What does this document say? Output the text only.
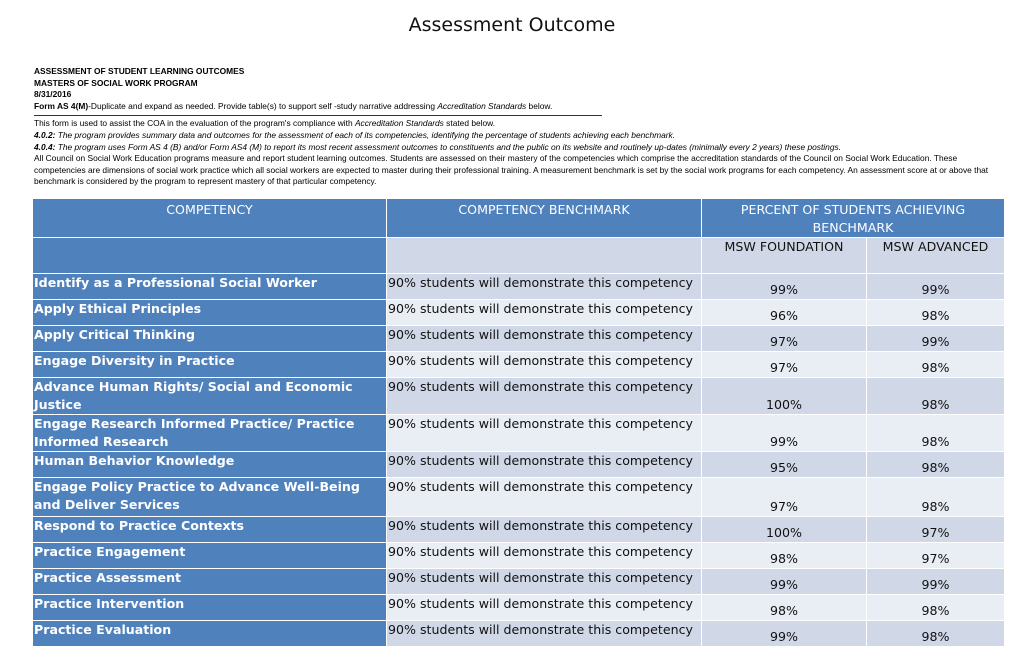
Assessment Outcome
ASSESSMENT OF STUDENT LEARNING OUTCOMES
MASTERS OF SOCIAL WORK PROGRAM
8/31/2016
Form AS 4(M)-Duplicate and expand as needed. Provide table(s) to support self -study narrative addressing Accreditation Standards below.
This form is used to assist the COA in the evaluation of the program's compliance with Accreditation Standards stated below.
4.0.2: The program provides summary data and outcomes for the assessment of each of its competencies, identifying the percentage of students achieving each benchmark.
4.0.4: The program uses Form AS 4 (B) and/or Form AS4 (M) to report its most recent assessment outcomes to constituents and the public on its website and routinely up-dates (minimally every 2 years) these postings.
All Council on Social Work Education programs measure and report student learning outcomes. Students are assessed on their mastery of the competencies which comprise the accreditation standards of the Council on Social Work Education. These competencies are dimensions of social work practice which all social workers are expected to master during their professional training. A measurement benchmark is set by the social work programs for each competency. An assessment score at or above that benchmark is considered by the program to represent mastery of that particular competency.
COMPETENCY	COMPETENCY BENCHMARK	PERCENT OF STUDENTS ACHIEVING BENCHMARK	
		MSW FOUNDATION	MSW ADVANCED
Identify as a Professional Social Worker	90% students will demonstrate this competency	99%	99%
Apply Ethical Principles	90% students will demonstrate this competency	96%	98%
Apply Critical Thinking	90% students will demonstrate this competency	97%	99%
Engage Diversity in Practice	90% students will demonstrate this competency	97%	98%
Advance Human Rights/ Social and Economic Justice	90% students will demonstrate this competency	100%	98%
Engage Research Informed Practice/ Practice Informed Research	90% students will demonstrate this competency	99%	98%
Human Behavior Knowledge	90% students will demonstrate this competency	95%	98%
Engage Policy Practice to Advance Well-Being and Deliver Services	90% students will demonstrate this competency	97%	98%
Respond to Practice Contexts	90% students will demonstrate this competency	100%	97%
Practice Engagement	90% students will demonstrate this competency	98%	97%
Practice Assessment	90% students will demonstrate this competency	99%	99%
Practice Intervention	90% students will demonstrate this competency	98%	98%
Practice Evaluation	90% students will demonstrate this competency	99%	98%
